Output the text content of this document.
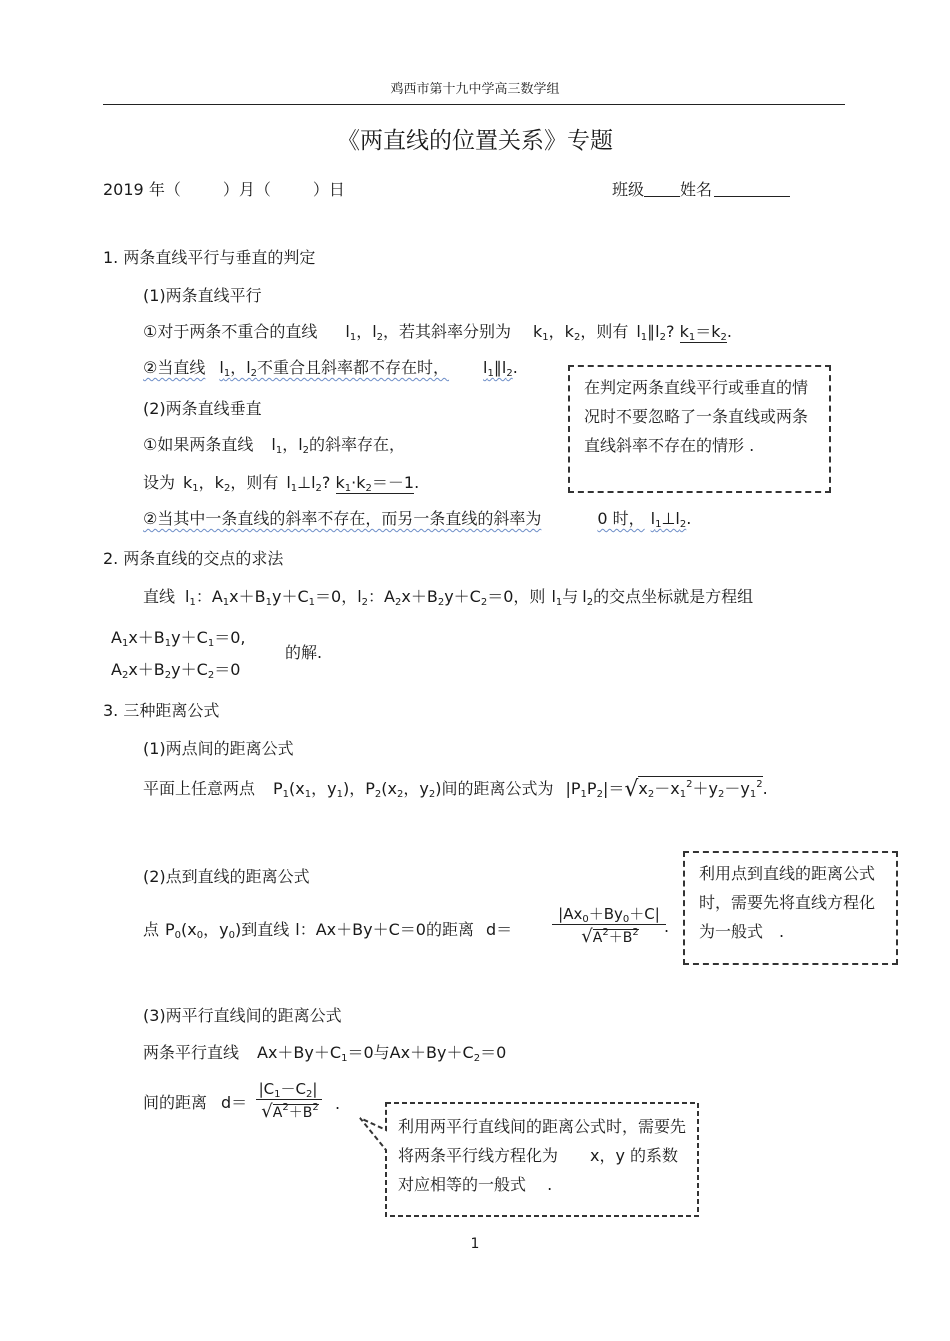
鸡西市第十九中学高三数学组
《两直线的位置关系》专题
2019 年（	）月（	）日	班级 姓名
1. 两条直线平行与垂直的判定
(1)两条直线平行
①对于两条不重合的直线 $l_1$，$l_2$，若其斜率分别为 $k_1$，$k_2$，则有 $l_1\parallel l_2$? $k_1=k_2$.
②当直线 $l_1$，$l_2$不重合且斜率都不存在时， $l_1\parallel l_2$.
在判定两条直线平行或垂直的情况时不要忽略了一条直线或两条直线斜率不存在的情形 .
(2)两条直线垂直
①如果两条直线 $l_1$，$l_2$的斜率存在，
设为 $k_1$，$k_2$，则有 $l_1\perp l_2$? $k_1\cdot k_2=-1$.
②当其中一条直线的斜率不存在，而另一条直线的斜率为	0 时， $l_1\perp l_2$.
2. 两条直线的交点的求法
直线 $l_1$：$A_1x+B_1y+C_1=0$，$l_2$：$A_2x+B_2y+C_2=0$，则 $l_1$与 $l_2$的交点坐标就是方程组
$A_1x+B_1y+C_1=0$,
$A_2x+B_2y+C_2=0$
的解.
3. 三种距离公式
(1)两点间的距离公式
平面上任意两点 $P_1(x_1$，$y_1$)，$P_2(x_2$，$y_2$)间的距离公式为 $|P_1P_2|=√x_2-x_1^2+y_2-y_1^2$.
(2)点到直线的距离公式
点 $P_0(x_0$，$y_0$)到直线 l：Ax＋By＋C＝0的距离 d＝
$|Ax_0+By_0+C|$
$√A^2+B^2$	.
利用点到直线的距离公式时，需要先将直线方程化为一般式　.
(3)两平行直线间的距离公式
两条平行直线 $Ax+By+C_1=0$与$Ax+By+C_2=0$
间的距离 d＝
$|C_1-C_2|$
$√A^2+B^2$	.
利用两平行直线间的距离公式时，需要先将两条平行线方程化为　　x，y 的系数对应相等的一般式　 .
1
